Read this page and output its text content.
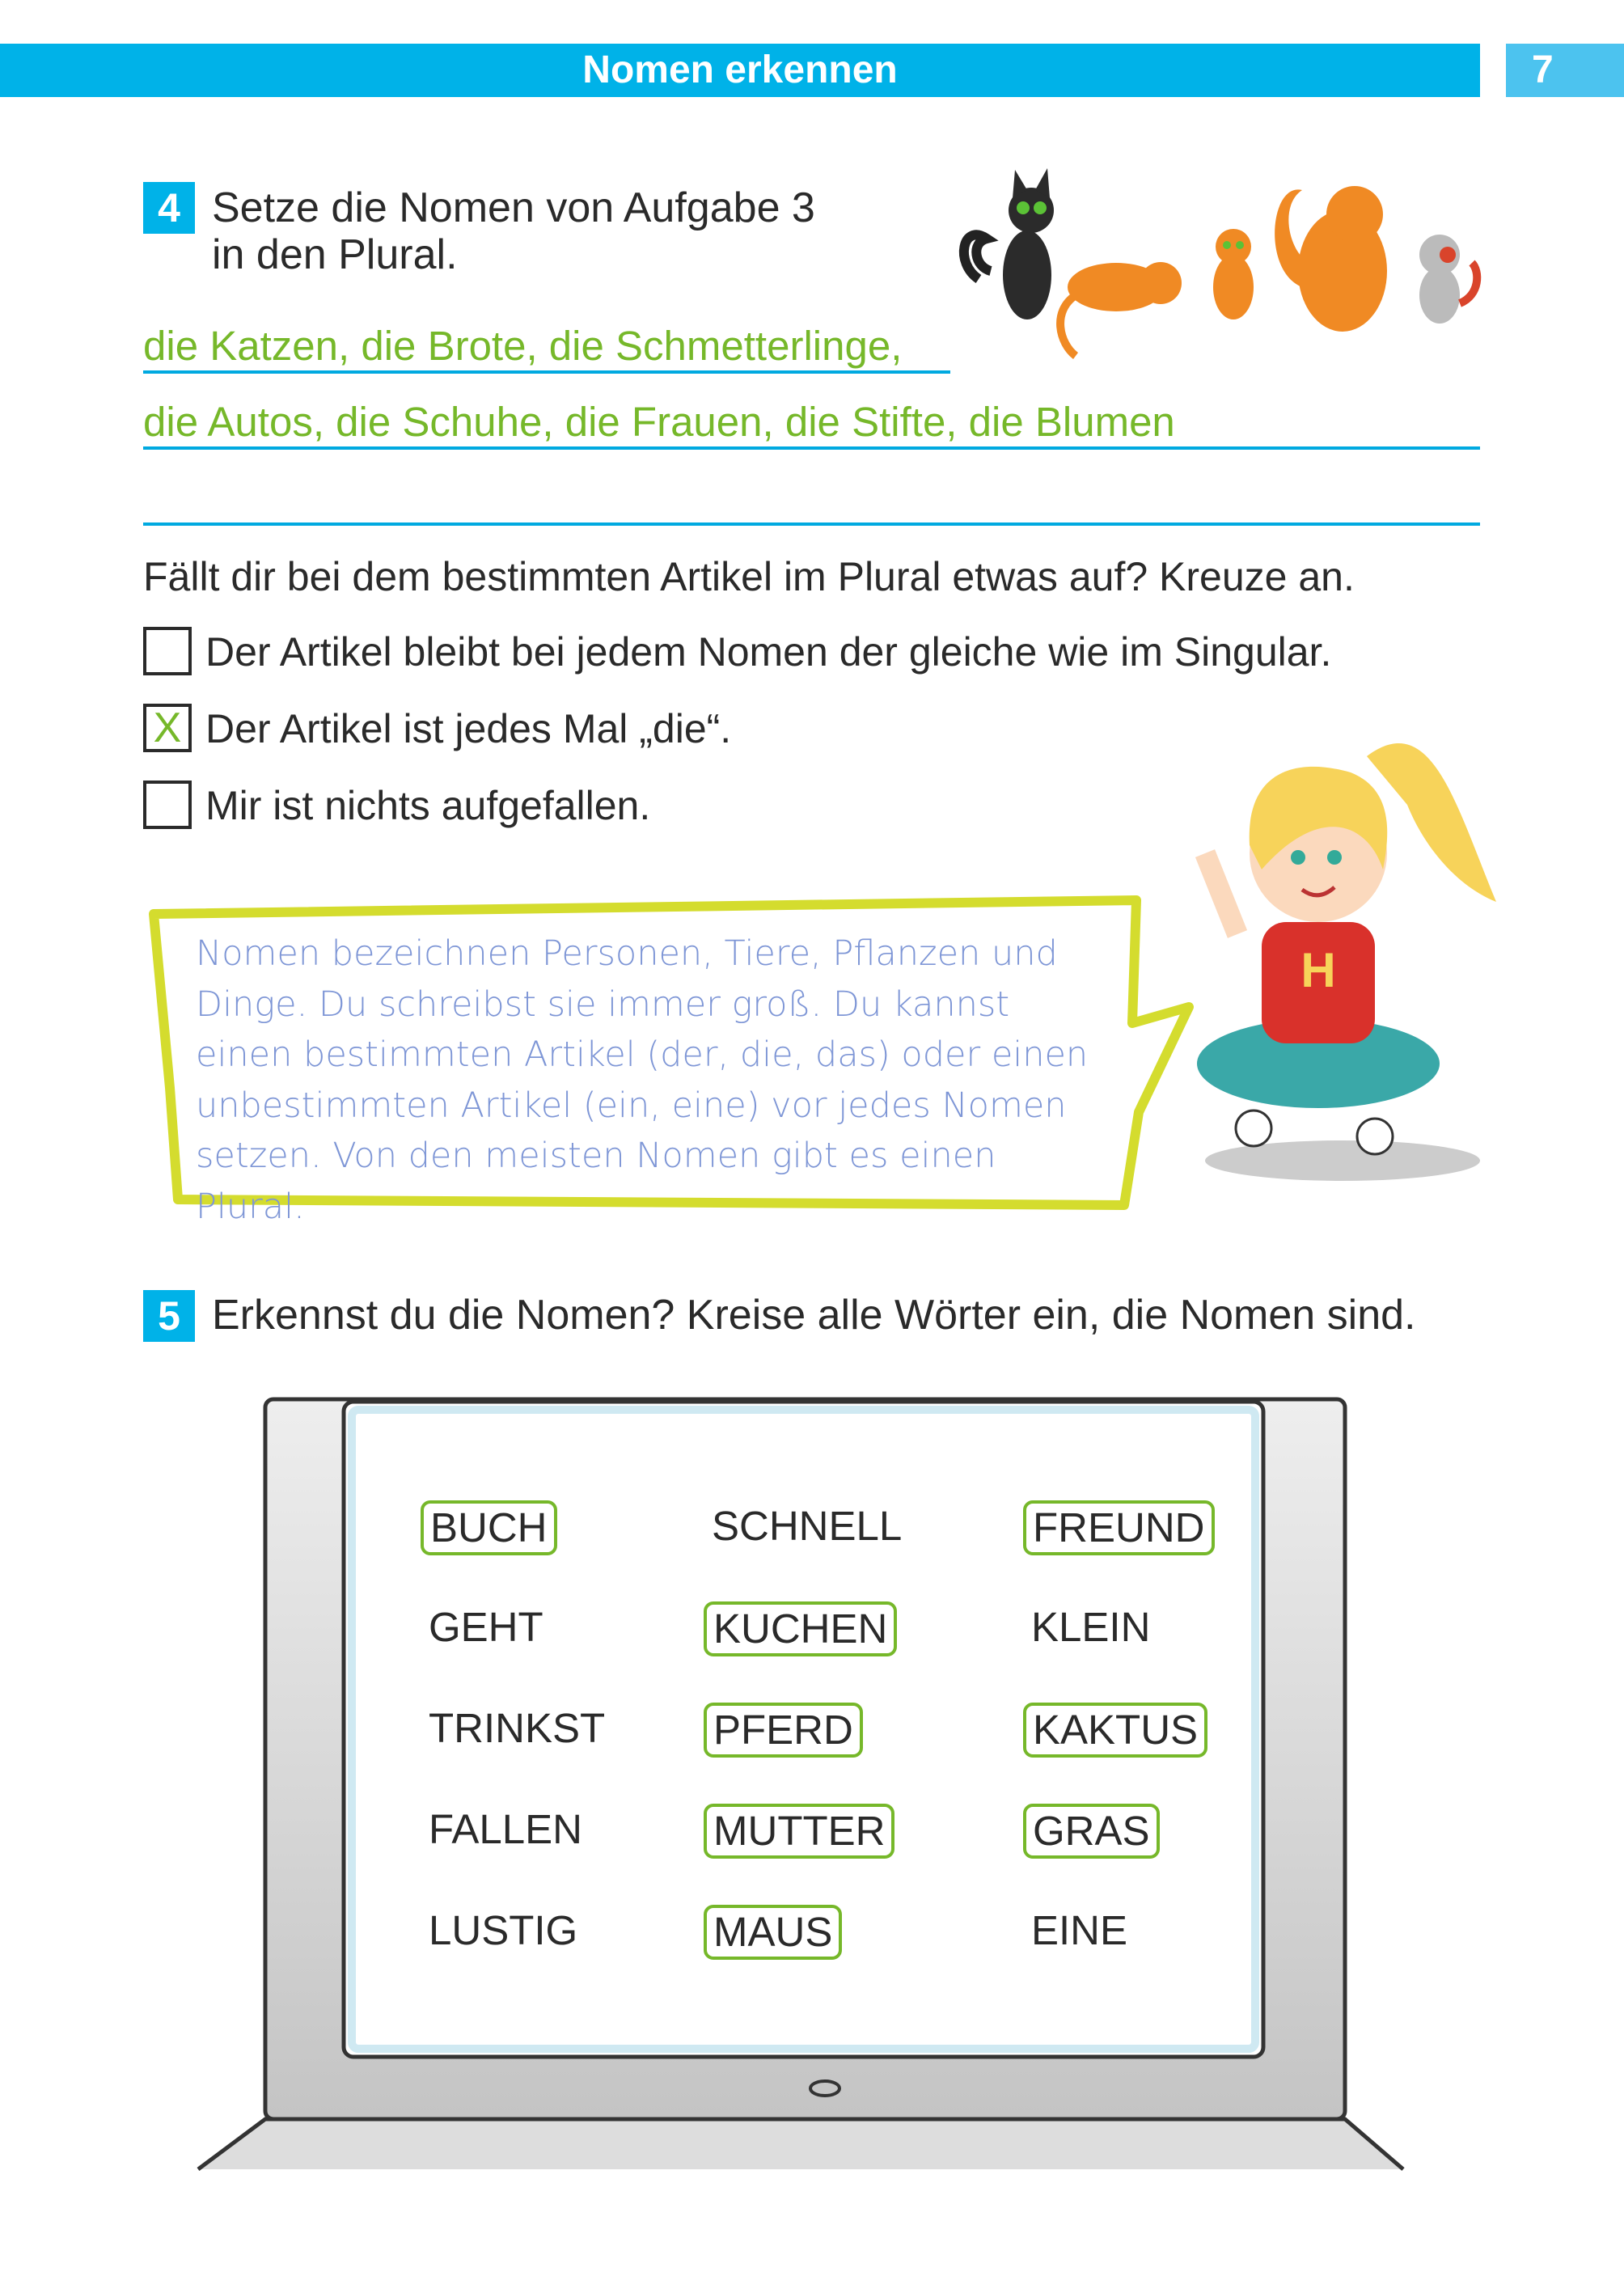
Nomen erkennen	7
4 Setze die Nomen von Aufgabe 3
in den Plural.
die Katzen, die Brote, die Schmetterlinge,
die Autos, die Schuhe, die Frauen, die Stifte, die Blumen
Fällt dir bei dem bestimmten Artikel im Plural etwas auf? Kreuze an.
Der Artikel bleibt bei jedem Nomen der gleiche wie im Singular.
X Der Artikel ist jedes Mal „die“.
Mir ist nichts aufgefallen.
Nomen bezeichnen Personen, Tiere, Pflanzen und
Dinge. Du schreibst sie immer groß. Du kannst
einen bestimmten Artikel (der, die, das) oder einen
unbestimmten Artikel (ein, eine) vor jedes Nomen
setzen. Von den meisten Nomen gibt es einen Plural.
H
5 Erkennst du die Nomen? Kreise alle Wörter ein, die Nomen sind.
BUCH	SCHNELL	FREUND
GEHT	KUCHEN	KLEIN
TRINKST	PFERD	KAKTUS
FALLEN	MUTTER	GRAS
LUSTIG	MAUS	EINE
